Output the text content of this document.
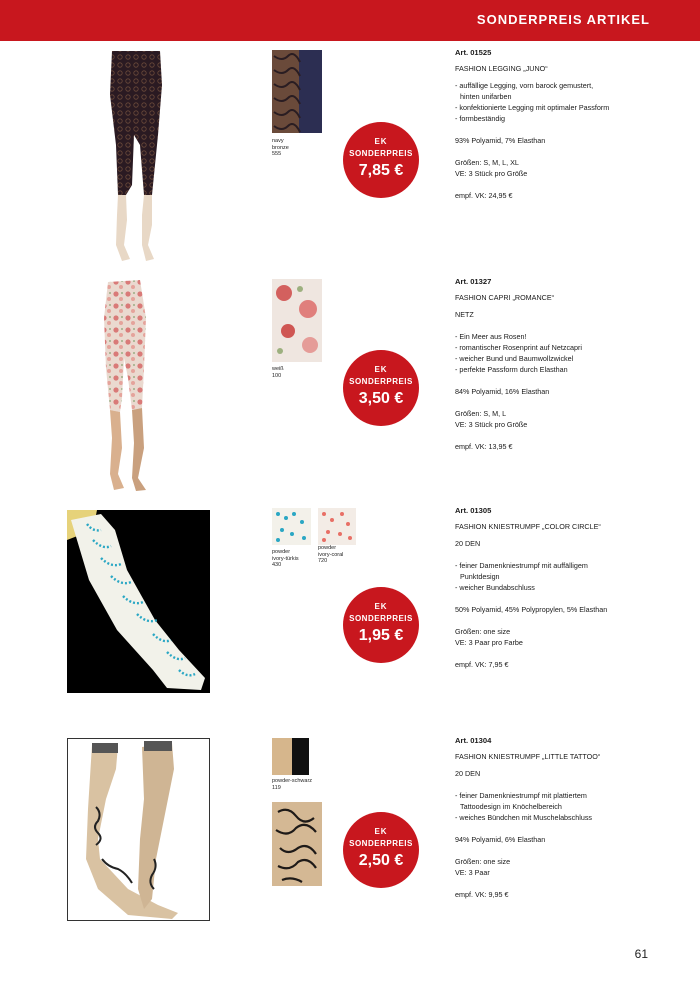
SONDERPREIS ARTIKEL
navy
bronze
555
EK
SONDERPREIS
7,85 €

Art. 01525

FASHION LEGGING „JUNO“

- auffällige Legging, vorn barock gemustert,

hinten unifarben

- konfektionierte Legging mit optimaler Passform

- formbeständig

93% Polyamid, 7% Elasthan

Größen: S, M, L, XL

VE: 3 Stück pro Größe

empf. VK: 24,95 €

weiß
100
EK
SONDERPREIS
3,50 €

Art. 01327

FASHION CAPRI „ROMANCE“

NETZ

- Ein Meer aus Rosen!

- romantischer Rosenprint auf Netzcapri

- weicher Bund und Baumwollzwickel

- perfekte Passform durch Elasthan

84% Polyamid, 16% Elasthan

Größen: S, M, L

VE: 3 Stück pro Größe

empf. VK: 13,95 €

powder
ivory-türkis
430
powder
ivory-coral
720
EK
SONDERPREIS
1,95 €

Art. 01305

FASHION KNIESTRUMPF „COLOR CIRCLE“

20 DEN

- feiner Damenkniestrumpf mit auffälligem

Punktdesign

- weicher Bundabschluss

50% Polyamid, 45% Polypropylen, 5% Elasthan

Größen: one size

VE: 3 Paar pro Farbe

empf. VK: 7,95 €

powder-schwarz
119
EK
SONDERPREIS
2,50 €

Art. 01304

FASHION KNIESTRUMPF „LITTLE TATTOO“

20 DEN

- feiner Damenkniestrumpf mit plattiertem

Tattoodesign im Knöchelbereich

- weiches Bündchen mit Muschelabschluss

94% Polyamid, 6% Elasthan

Größen: one size

VE: 3 Paar

empf. VK: 9,95 €

61
